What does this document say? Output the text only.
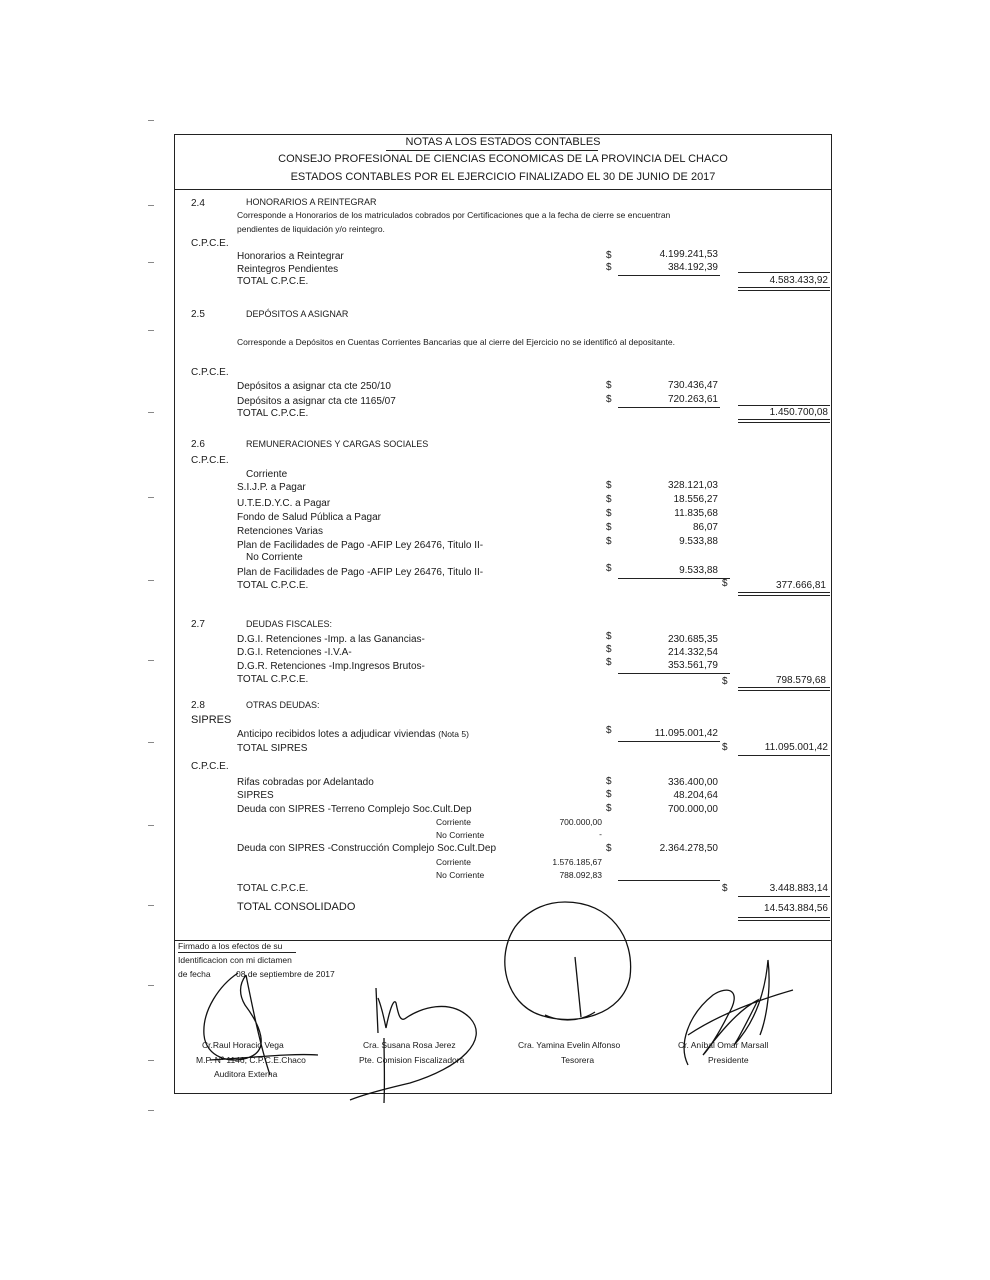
NOTAS A LOS ESTADOS CONTABLES
CONSEJO PROFESIONAL DE CIENCIAS ECONOMICAS DE LA PROVINCIA DEL CHACO
ESTADOS CONTABLES POR EL EJERCICIO FINALIZADO EL 30 DE JUNIO DE 2017
2.4	HONORARIOS A REINTEGRAR
Corresponde a Honorarios de los matriculados cobrados por Certificaciones que a la fecha de cierre se encuentran
pendientes de liquidación y/o reintegro.
C.P.C.E.
Honorarios a Reintegrar	$	4.199.241,53
Reintegros Pendientes	$	384.192,39
TOTAL C.P.C.E.	4.583.433,92
2.5	DEPÓSITOS A ASIGNAR
Corresponde a Depósitos en Cuentas Corrientes Bancarias que al cierre del Ejercicio no se identificó al depositante.
C.P.C.E.
Depósitos a asignar cta cte 250/10	$	730.436,47
Depósitos a asignar cta cte 1165/07	$	720.263,61
TOTAL C.P.C.E.	1.450.700,08
2.6	REMUNERACIONES Y CARGAS SOCIALES
C.P.C.E.
Corriente
S.I.J.P. a Pagar	$	328.121,03
U.T.E.D.Y.C. a Pagar	$	18.556,27
Fondo de Salud Pública a Pagar	$	11.835,68
Retenciones Varias	$	86,07
Plan de Facilidades de Pago -AFIP Ley 26476, Titulo II-	$	9.533,88
No Corriente
Plan de Facilidades de Pago -AFIP Ley 26476, Titulo II-	$	9.533,88
TOTAL C.P.C.E.	$	377.666,81
2.7	DEUDAS FISCALES:
D.G.I. Retenciones -Imp. a las Ganancias-	$	230.685,35
D.G.I. Retenciones -I.V.A-	$	214.332,54
D.G.R. Retenciones -Imp.Ingresos Brutos-	$	353.561,79
TOTAL C.P.C.E.	$	798.579,68
2.8	OTRAS DEUDAS:
SIPRES
Anticipo recibidos lotes a adjudicar viviendas (Nota 5)	$	11.095.001,42
TOTAL SIPRES	$	11.095.001,42
C.P.C.E.
Rifas cobradas por Adelantado	$	336.400,00
SIPRES	$	48.204,64
Deuda con SIPRES -Terreno Complejo Soc.Cult.Dep	$	700.000,00
Corriente	700.000,00
No Corriente	-
Deuda con SIPRES -Construcción Complejo Soc.Cult.Dep	$	2.364.278,50
Corriente	1.576.185,67
No Corriente	788.092,83
TOTAL C.P.C.E.	$	3.448.883,14
TOTAL CONSOLIDADO	14.543.884,56
Firmado a los efectos de su
Identificacion con mi dictamen
de fecha	08 de septiembre de 2017
Cr.Raul Horacio Vega
M.P. Nº 1146, C.P.C.E.Chaco
Auditora Externa
Cra. Susana Rosa Jerez
Pte. Comision Fiscalizadora
Cra. Yamina Evelin Alfonso
Tesorera
Cr. Aníbal Omar Marsall
Presidente
